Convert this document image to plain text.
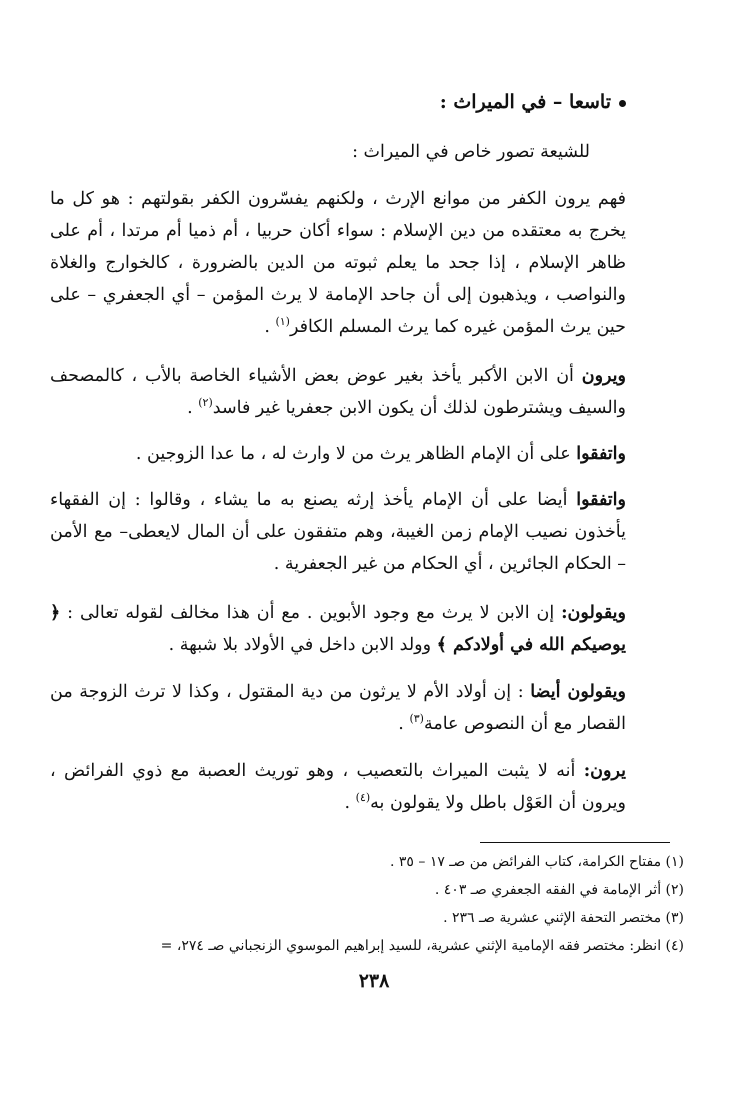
تاسعا – في الميراث :
للشيعة تصور خاص في الميراث :
فهم يرون الكفر من موانع الإرث ، ولكنهم يفسّرون الكفر بقولتهم : هو كل ما يخرج به معتقده من دين الإسلام : سواء أكان حربيا ، أم ذميا أم مرتدا ، أم على ظاهر الإسلام ، إذا جحد ما يعلم ثبوته من الدين بالضرورة ، كالخوارج والغلاة والنواصب ، ويذهبون إلى أن جاحد الإمامة لا يرث المؤمن – أي الجعفري – على حين يرث المؤمن غيره كما يرث المسلم الكافر$^{(١)}$ .
ويرون أن الابن الأكبر يأخذ بغير عوض بعض الأشياء الخاصة بالأب ، كالمصحف والسيف ويشترطون لذلك أن يكون الابن جعفريا غير فاسد$^{(٢)}$ .
واتفقوا على أن الإمام الظاهر يرث من لا وارث له ، ما عدا الزوجين .
واتفقوا أيضا على أن الإمام يأخذ إرثه يصنع به ما يشاء ، وقالوا : إن الفقهاء يأخذون نصيب الإمام زمن الغيبة، وهم متفقون على أن المال لايعطى– مع الأمن – الحكام الجائرين ، أي الحكام من غير الجعفرية .
ويقولون: إن الابن لا يرث مع وجود الأبوين . مع أن هذا مخالف لقوله تعالى : ﴿ يوصيكم الله في أولادكم ﴾ وولد الابن داخل في الأولاد بلا شبهة .
ويقولون أيضا : إن أولاد الأم لا يرثون من دية المقتول ، وكذا لا ترث الزوجة من القصار مع أن النصوص عامة$^{(٣)}$ .
يرون: أنه لا يثبت الميراث بالتعصيب ، وهو توريث العصبة مع ذوي الفرائض ، ويرون أن العَوْل باطل ولا يقولون به$^{(٤)}$ .
(١) مفتاح الكرامة، كتاب الفرائض من صـ ١٧ – ٣٥ .
(٢) أثر الإمامة في الفقه الجعفري صـ ٤٠٣ .
(٣) مختصر التحفة الإثني عشرية صـ ٢٣٦ .
(٤) انظر: مختصر فقه الإمامية الإثني عشرية، للسيد إبراهيم الموسوي الزنجباني صـ ٢٧٤، =
٢٣٨
